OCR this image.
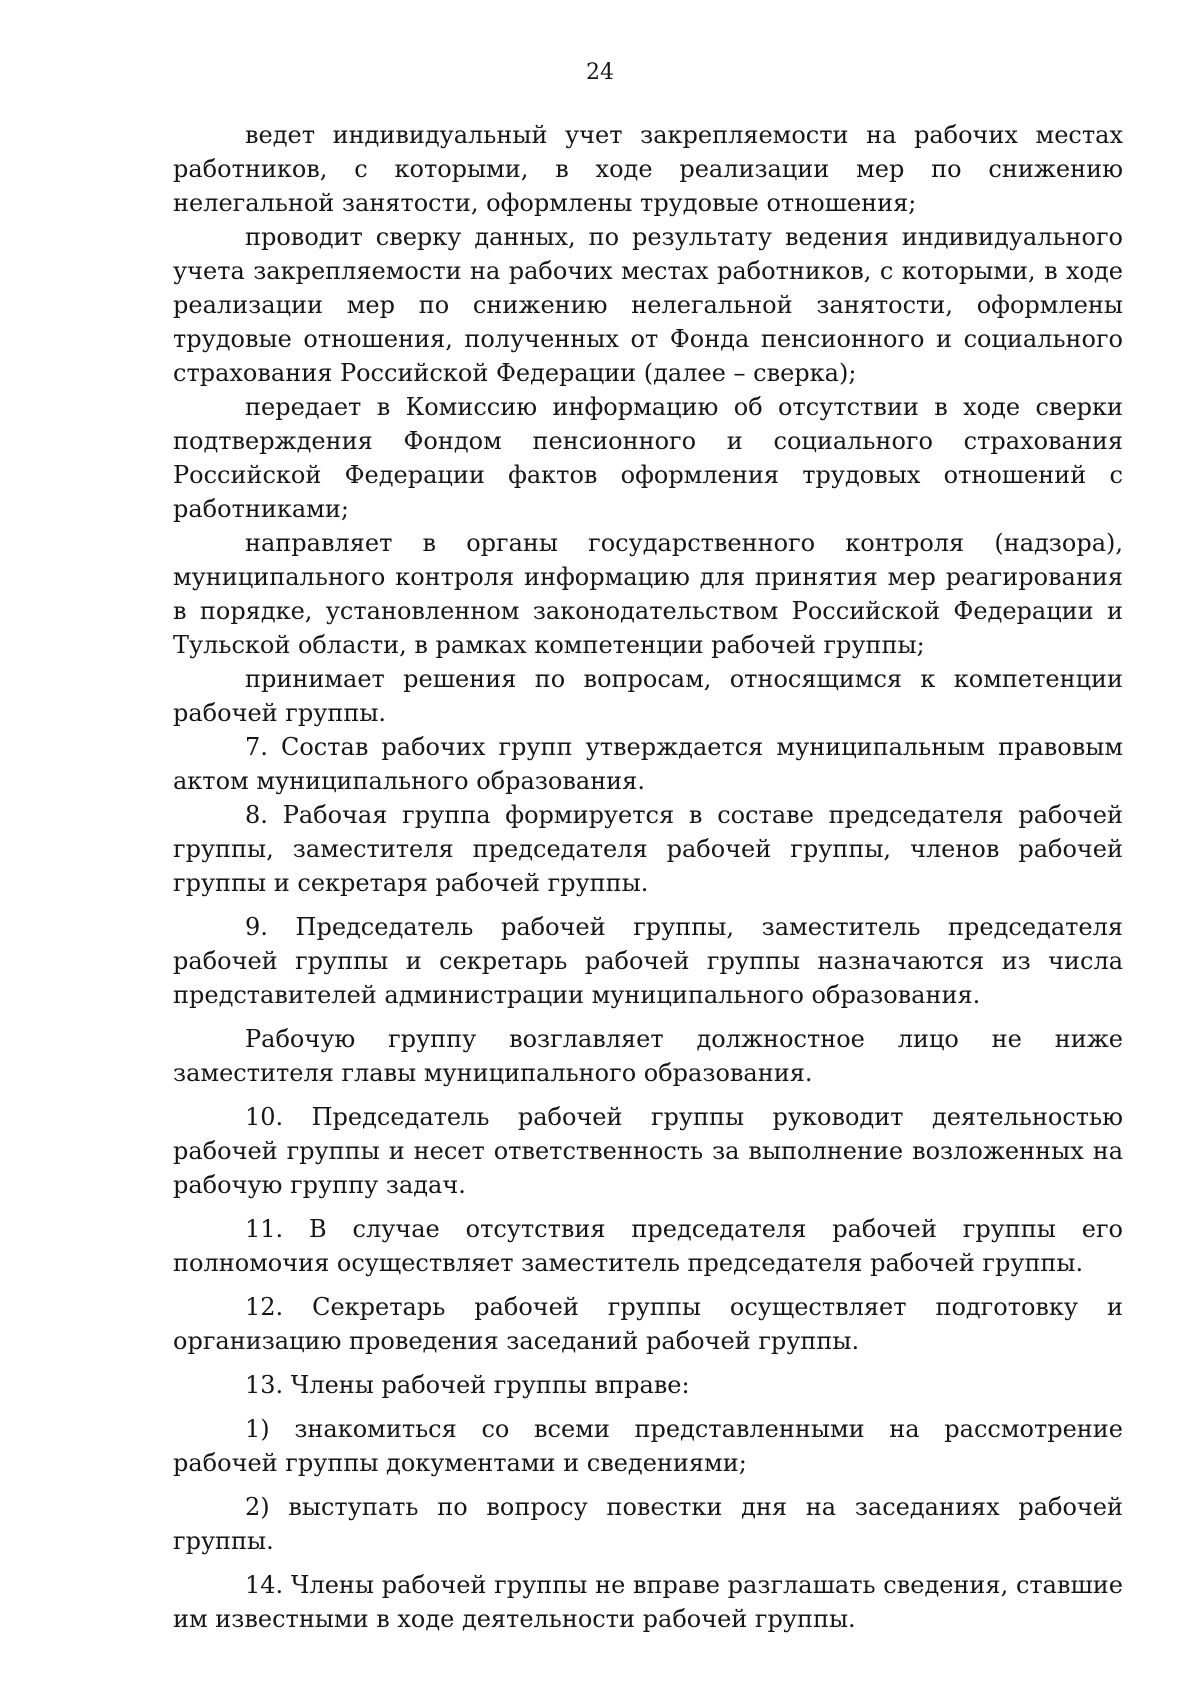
24

ведет индивидуальный учет закрепляемости на рабочих местах работников, с которыми, в ходе реализации мер по снижению нелегальной занятости, оформлены трудовые отношения;

проводит сверку данных, по результату ведения индивидуального учета закрепляемости на рабочих местах работников, с которыми, в ходе реализации мер по снижению нелегальной занятости, оформлены трудовые отношения, полученных от Фонда пенсионного и социального страхования Российской Федерации (далее – сверка);

передает в Комиссию информацию об отсутствии в ходе сверки подтверждения Фондом пенсионного и социального страхования Российской Федерации фактов оформления трудовых отношений с работниками;

направляет в органы государственного контроля (надзора), муниципального контроля информацию для принятия мер реагирования в порядке, установленном законодательством Российской Федерации и Тульской области, в рамках компетенции рабочей группы;

принимает решения по вопросам, относящимся к компетенции рабочей группы.

7. Состав рабочих групп утверждается муниципальным правовым актом муниципального образования.

8. Рабочая группа формируется в составе председателя рабочей группы, заместителя председателя рабочей группы, членов рабочей группы и секретаря рабочей группы.

9. Председатель рабочей группы, заместитель председателя рабочей группы и секретарь рабочей группы назначаются из числа представителей администрации муниципального образования.

Рабочую группу возглавляет должностное лицо не ниже заместителя главы муниципального образования.

10. Председатель рабочей группы руководит деятельностью рабочей группы и несет ответственность за выполнение возложенных на рабочую группу задач.

11. В случае отсутствия председателя рабочей группы его полномочия осуществляет заместитель председателя рабочей группы.

12. Секретарь рабочей группы осуществляет подготовку и организацию проведения заседаний рабочей группы.

13. Члены рабочей группы вправе:

1) знакомиться со всеми представленными на рассмотрение рабочей группы документами и сведениями;

2) выступать по вопросу повестки дня на заседаниях рабочей группы.

14. Члены рабочей группы не вправе разглашать сведения, ставшие им известными в ходе деятельности рабочей группы.
